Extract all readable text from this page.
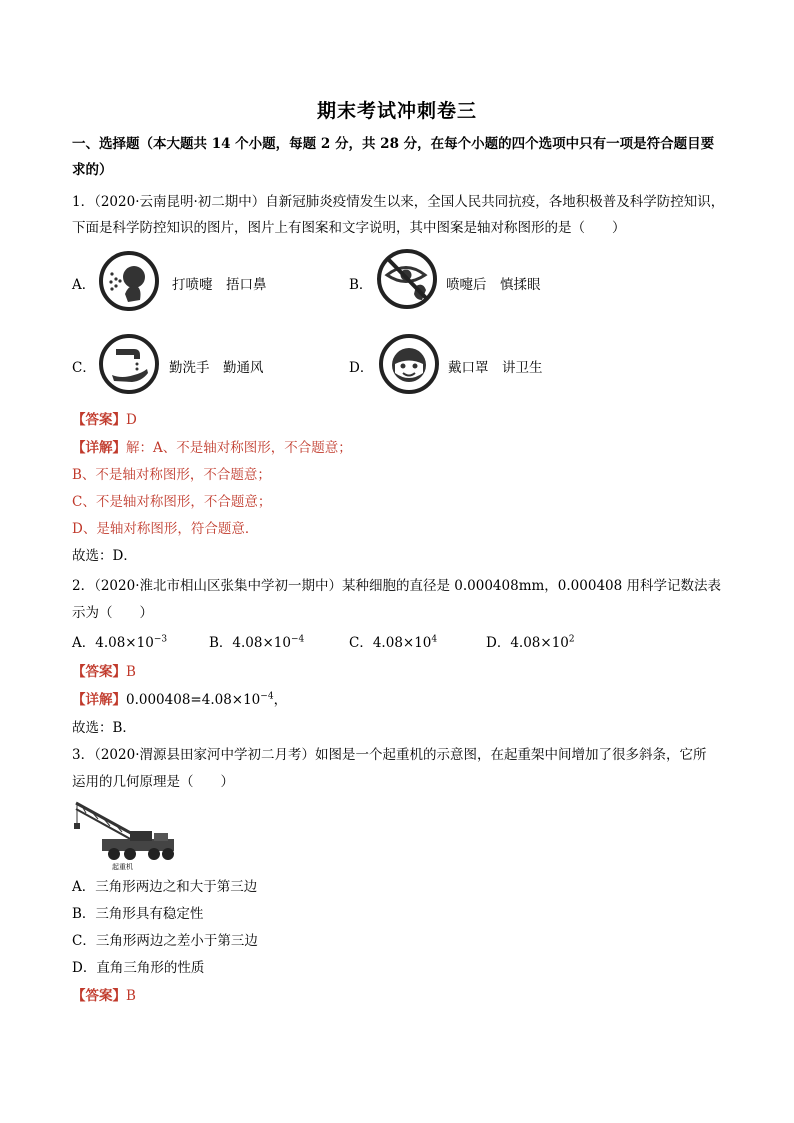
期末考试冲刺卷三
一、选择题（本大题共 14 个小题，每题 2 分，共 28 分，在每个小题的四个选项中只有一项是符合题目要
求的）
1．（2020·云南昆明·初二期中）自新冠肺炎疫情发生以来，全国人民共同抗疫，各地积极普及科学防控知识，
下面是科学防控知识的图片，图片上有图案和文字说明，其中图案是轴对称图形的是（　　）
A．	打喷嚏　捂口鼻	B．	喷嚏后　慎揉眼
C．	勤洗手　勤通风	D．	戴口罩　讲卫生
【答案】D
【详解】解：A、不是轴对称图形，不合题意；
B、不是轴对称图形，不合题意；
C、不是轴对称图形，不合题意；
D、是轴对称图形，符合题意．
故选：D．
2．（2020·淮北市相山区张集中学初一期中）某种细胞的直径是 0.000408mm，0.000408 用科学记数法表
示为（　　）
A．$4.08\times 10^{-3}$	B．$4.08\times 10^{-4}$	C．$4.08\times 10^4$	D．$4.08\times 10^2$
【答案】B
【详解】$0.000408=4.08\times 10^{-4}$，
故选：B．
3．（2020·渭源县田家河中学初二月考）如图是一个起重机的示意图，在起重架中间增加了很多斜条，它所
运用的几何原理是（　　）
起重机
A．三角形两边之和大于第三边
B．三角形具有稳定性
C．三角形两边之差小于第三边
D．直角三角形的性质
【答案】B
